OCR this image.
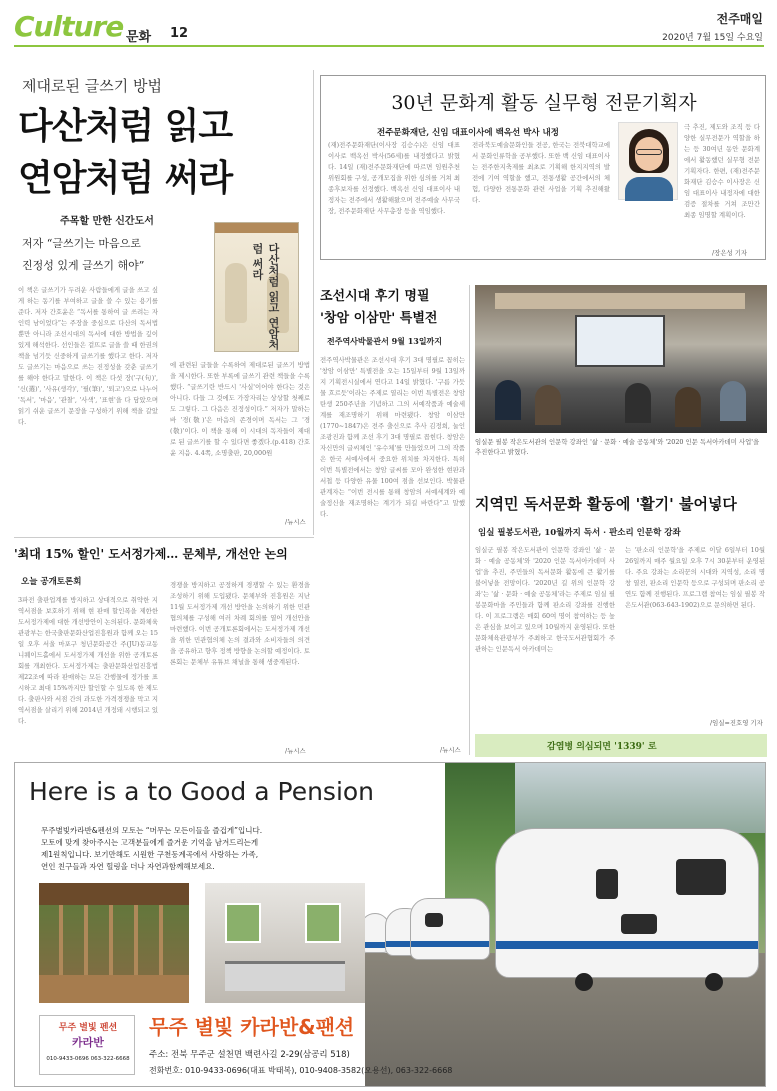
Culture 문화 12
전주매일
2020년 7월 15일 수요일
제대로된 글쓰기 방법
다산처럼 읽고
연암처럼 써라
주목할 만한 신간도서
저자 “글쓰기는 마음으로
진정성 있게 글쓰기 해야”	다산처럼 읽고 연암처럼 써라
이 책은 글쓰기가 두려운 사람들에게 글을 쓰고 싶게 하는 동기를 부여하고 글을 쓸 수 있는 용기를 준다. 저자 간호윤은 “독서를 통하여 글 쓰려는 자 인력 남이었다”는 주장을 중심으로 다산의 독서법뿐만 아니라 조선시대의 독서에 대한 방법을 깊이 있게 해석한다. 선인들은 겉뜨로 글을 쓸 때 한권의 책을 넘기듯 신중하게 글쓰기를 했다고 한다. 저자도 글쓰기는 마음으로 쓰는 진정성을 갖춘 글쓰기를 해야 한다고 말한다. 이 책은 다섯 장('구(句)', '신(選)', '사유(생각)', '필(筆)', '퇴고')으로 나누어 '독서', '마음', '관찰', '사색', '표현'을 다 담았으며 읽기 쉬운 글쓰기 문장을 구성하기 위해 책을 갈았다.
에 관련된 글들을 수록하여 제대로된 글쓰기 방법을 제시한다. 또한 부록에 글쓰기 관련 책들을 수록했다. “글쓰기란 반드시 '사실'이어야 한다는 것은 아니다. 다들 그 것에도 가장자리는 상상할 첫째로도 그렇다. 그 다음은 진정성이다.” 저자가 말하는 바 '경(敬)'은 마음의 존경이며 독서는 그 '경(敬)'이다. 이 책을 통해 이 시대의 독자들이 제대로 된 글쓰기를 할 수 있다면 좋겠다.(p.418) 간호윤 지음. 4.4쪽, 소명출판, 20,000원
/뉴시스
30년 문화계 활동 실무형 전문기획자
전주문화재단, 신임 대표이사에 백옥선 박사 내정
(재)전주문화재단(이사장 김승수)은 신임 대표이사로 백옥선 박사(56세)를 내정했다고 밝혔다. 14일 (재)전주문화재단에 따르면 임원추천위원회를 구성, 공개모집을 위한 심의를 거쳐 최종후보자를 선정했다. 백옥선 신임 대표이사 내정자는 전주에서 생활해왔으며 전주예술 사무국장, 전주문화재단 사무총장 등을 역임했다.
전라북도예술문화인들 전공, 한국는 전북대학교에서 문화인류학을 공부했다. 또한 백 신임 대표이사는 전주한지축제를 최초로 기획해 한지지역의 발전에 기여 역할을 했고, 전통생활 공간에서의 체험, 다양한 전통문화 관련 사업을 기획 추진해왔다.
극 추진, 제도와 조직 등 다양한 실무전문가 역할을 하는 등 30여년 동안 문화계에서 활동했던 실무형 전문기획자다. 한편, (재)전주문화재단 김승수 이사장은 신임 대표이사 내정자에 대한 검증 절차를 거쳐 조만간 최종 임명할 계획이다.
/장은성 기자
조선시대 후기 명필
'창암 이삼만' 특별전
전주역사박물관서 9월 13일까지
전주역사박물관은 조선시대 후기 3대 명필로 꼽히는 '창암 이삼만' 특별전을 오는 15일부터 9월 13일까지 기획전시실에서 연다고 14일 밝혔다. '구름 가듯 물 흐르듯'이라는 주제로 열리는 이번 특별전은 창암 탄생 250주년을 기념하고 그의 서예작품과 예술세계를 재조명하기 위해 마련됐다. 창암 이삼만(1770~1847)은 전주 출신으로 추사 김정희, 눌인 조광진과 함께 조선 후기 3대 명필로 꼽힌다. 창암은 자신만의 글씨체인 '유수체'를 만들었으며 그의 작품은 한국 서예사에서 중요한 위치를 차지한다. 특히 이번 특별전에서는 창암 글씨를 모아 완성한 현판과 서첩 등 다양한 유물 100여 점을 선보인다. 박물관 관계자는 “이번 전시를 통해 창암의 서예세계와 예술정신을 재조명하는 계기가 되길 바란다”고 말했다.
/뉴시스
임실문 필봉 작은도서관의 인문학 강좌인 '삶 · 문화 · 예술 공동체'와 '2020 인문 독서아카데미 사업'을 추진한다고 밝혔다.
지역민 독서문화 활동에 '활기' 불어넣다
임실 필봉도서관, 10월까지 독서 · 판소리 인문학 강좌
임실군 필봉 작은도서관이 인문학 강좌인 '삶 · 문화 · 예술 공동체'와 '2020 인문 독서아카데미 사업'을 추진, 주민들의 독서문화 활동에 큰 활기를 불어넣을 전망이다. '2020년 길 위의 인문학 강좌'는 '삶 · 문화 · 예술 공동체'라는 주제로 임실 필봉문화마을 주민들과 함께 판소리 강좌를 진행한다. 이 프로그램은 매회 60여 명이 참여하는 등 높은 관심을 보이고 있으며 10월까지 운영된다. 또한 문화체육관광부가 주최하고 한국도서관협회가 주관하는 인문독서 아카데미는
는 '판소리 인문학'을 주제로 이달 6일부터 10월 26일까지 매주 월요일 오후 7시 30분부터 운영된다. 주요 강좌는 소리꾼의 시대와 지역성, 소리 명창 열전, 판소리 인문학 등으로 구성되며 판소리 공연도 함께 진행된다. 프로그램 참여는 임실 필봉 작은도서관(063-643-1902)으로 문의하면 된다.
/임실=진호영 기자
'최대 15% 할인' 도서정가제… 문체부, 개선안 논의
오늘 공개토론회
3파전 출판업계를 방지하고 상대적으로 취약한 지역서점을 보호하기 위해 현 판매 할인폭을 제한한 도서정가제에 대한 개선방안이 논의된다. 문화체육관광부는 한국출판문화산업진흥원과 함께 오는 15일 오후 서울 마포구 청년문화공간 주(JU)동교동 니퀘이드홀에서 도서정가제 개선을 위한 공개토론회를 개최한다. 도서정가제는 출판문화산업진흥법 제22조에 따라 판매하는 모든 간행물에 정가를 표시하고 최대 15%까지만 할인할 수 있도록 한 제도다. 출판사와 서점 간의 과도한 가격경쟁을 막고 지역서점을 살리기 위해 2014년 개정돼 시행되고 있다.
경쟁을 방지하고 공정하게 경쟁할 수 있는 환경을 조성하기 위해 도입됐다. 문체부와 진흥원은 지난 11월 도서정가제 개선 방안을 논의하기 위한 민관협의체를 구성해 여러 차례 회의를 열어 개선안을 마련했다. 이번 공개토론회에서는 도서정가제 개선을 위한 민관협의체 논의 결과와 소비자들의 의견을 공유하고 향후 정책 방향을 논의할 예정이다. 토론회는 문체부 유튜브 채널을 통해 생중계된다.
/뉴시스	감염병 의심되면 '1339' 로
Here is a to Good a Pension
무주별빛카라반&펜션의 모토는 “머무는 모든이들을 즐겁게”입니다.
모토에 맞게 찾아주시는 고객분들에게 즐거운 기억을 남겨드리는게
제1원칙입니다. 보기만해도 시원한 구천동계곡에서 사랑하는 가족,
연인 친구들과 자연 힐링을 더나 자연과함께해보세요.
무주 별빛 펜션
카라반
010-9433-0696 063-322-6668
무주 별빛 카라반&팬션
주소: 전북 무주군 설천면 백련사길 2-29(삼공리 518)
전화번호: 010-9433-0696(대표 박태복), 010-9408-3582(오용선), 063-322-6668
